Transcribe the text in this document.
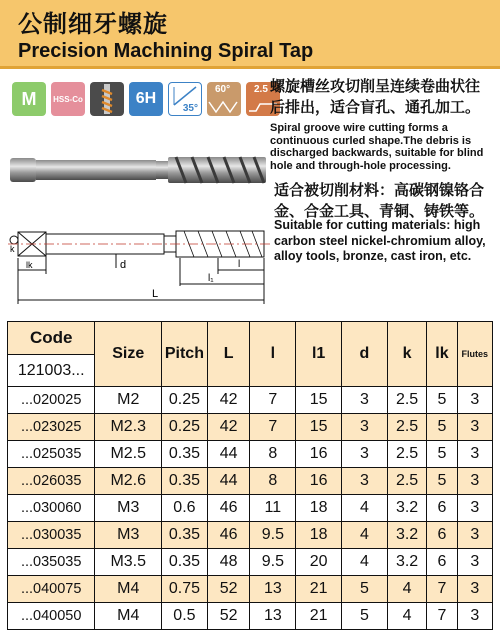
公制细牙螺旋
Precision Machining Spiral Tap
M HSS-Co	6H
35°
60° 2.5 螺旋槽丝攻切削呈连续卷曲状往后排出，适合盲孔、通孔加工。
Spiral groove wire cutting forms a continuous curled shape.The debris is discharged backwards, suitable for blind hole and through-hole processing.
lk
k
d	l
l₁
L
适合被切削材料：高碳钢镍铬合金、合金工具、青铜、铸铁等。
Suitable for cutting materials: high carbon steel nickel-chromium alloy, alloy tools, bronze, cast iron, etc.
Code	Size	Pitch	L	l	l1	d	k	lk	Flutes
121003...									
...020025	M2	0.25	42	7	15	3	2.5	5	3
...023025	M2.3	0.25	42	7	15	3	2.5	5	3
...025035	M2.5	0.35	44	8	16	3	2.5	5	3
...026035	M2.6	0.35	44	8	16	3	2.5	5	3
...030060	M3	0.6	46	11	18	4	3.2	6	3
...030035	M3	0.35	46	9.5	18	4	3.2	6	3
...035035	M3.5	0.35	48	9.5	20	4	3.2	6	3
...040075	M4	0.75	52	13	21	5	4	7	3
...040050	M4	0.5	52	13	21	5	4	7	3
